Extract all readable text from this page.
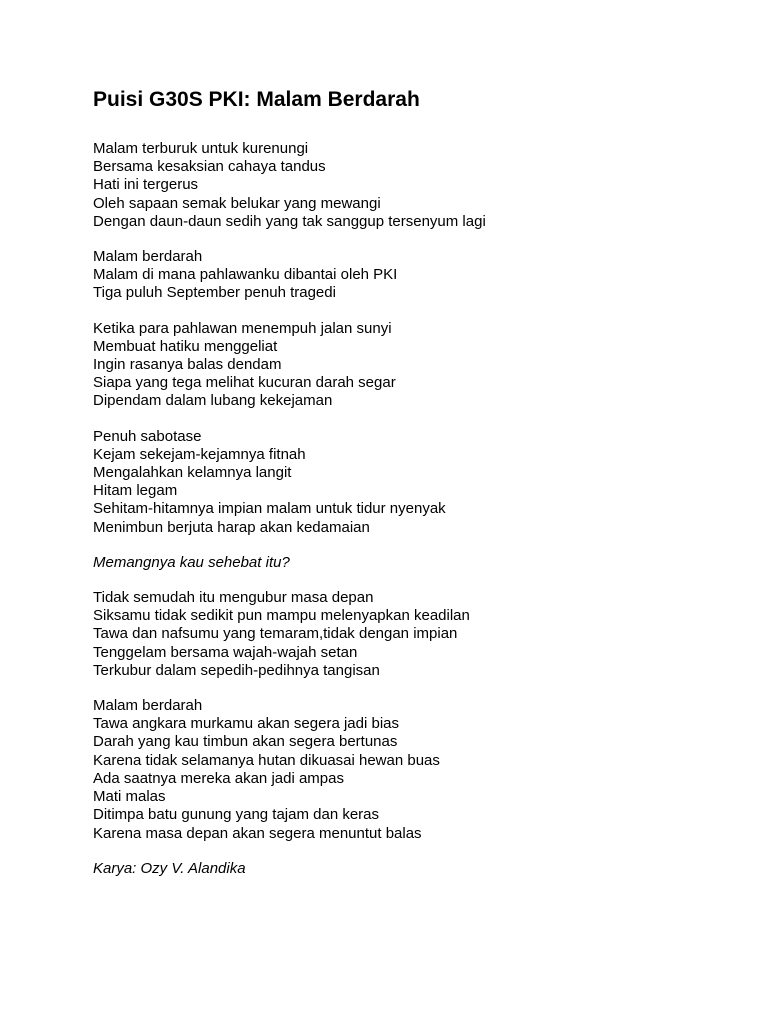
Puisi G30S PKI: Malam Berdarah
Malam terburuk untuk kurenungi
Bersama kesaksian cahaya tandus
Hati ini tergerus
Oleh sapaan semak belukar yang mewangi
Dengan daun-daun sedih yang tak sanggup tersenyum lagi
Malam berdarah
Malam di mana pahlawanku dibantai oleh PKI
Tiga puluh September penuh tragedi
Ketika para pahlawan menempuh jalan sunyi
Membuat hatiku menggeliat
Ingin rasanya balas dendam
Siapa yang tega melihat kucuran darah segar
Dipendam dalam lubang kekejaman
Penuh sabotase
Kejam sekejam-kejamnya fitnah
Mengalahkan kelamnya langit
Hitam legam
Sehitam-hitamnya impian malam untuk tidur nyenyak
Menimbun berjuta harap akan kedamaian
Memangnya kau sehebat itu?
Tidak semudah itu mengubur masa depan
Siksamu tidak sedikit pun mampu melenyapkan keadilan
Tawa dan nafsumu yang temaram,tidak dengan impian
Tenggelam bersama wajah-wajah setan
Terkubur dalam sepedih-pedihnya tangisan
Malam berdarah
Tawa angkara murkamu akan segera jadi bias
Darah yang kau timbun akan segera bertunas
Karena tidak selamanya hutan dikuasai hewan buas
Ada saatnya mereka akan jadi ampas
Mati malas
Ditimpa batu gunung yang tajam dan keras
Karena masa depan akan segera menuntut balas
Karya: Ozy V. Alandika
